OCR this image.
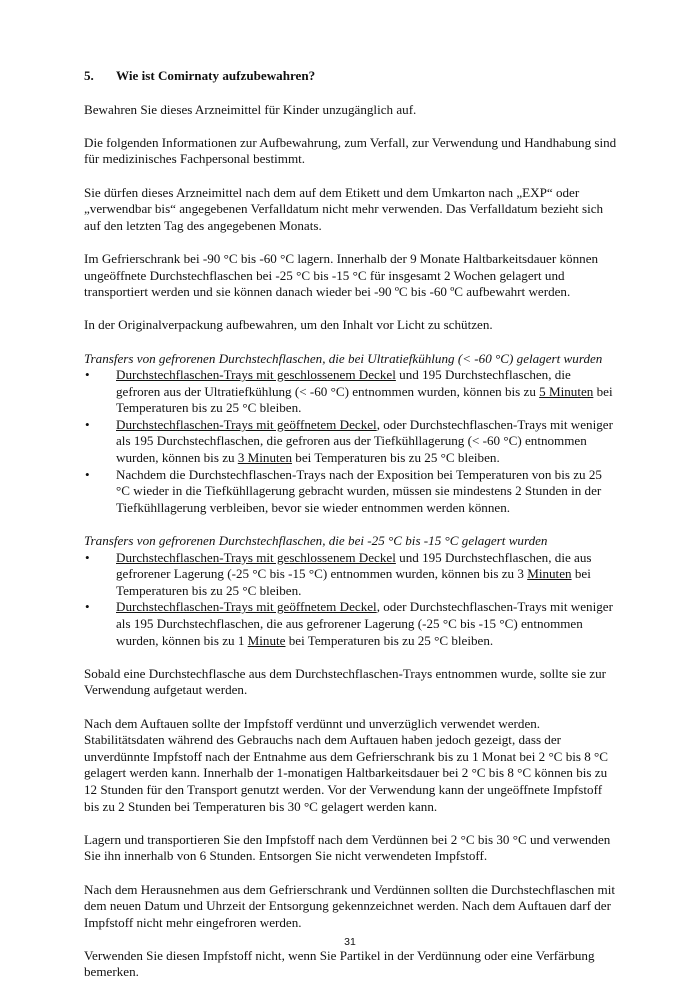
5. Wie ist Comirnaty aufzubewahren?

Bewahren Sie dieses Arzneimittel für Kinder unzugänglich auf.

Die folgenden Informationen zur Aufbewahrung, zum Verfall, zur Verwendung und Handhabung sind für medizinisches Fachpersonal bestimmt.

Sie dürfen dieses Arzneimittel nach dem auf dem Etikett und dem Umkarton nach „EXP“ oder „verwendbar bis“ angegebenen Verfalldatum nicht mehr verwenden. Das Verfalldatum bezieht sich auf den letzten Tag des angegebenen Monats.

Im Gefrierschrank bei -90 °C bis -60 °C lagern. Innerhalb der 9 Monate Haltbarkeitsdauer können ungeöffnete Durchstechflaschen bei -25 °C bis -15 °C für insgesamt 2 Wochen gelagert und transportiert werden und sie können danach wieder bei -90 ºC bis -60 ºC aufbewahrt werden.

In der Originalverpackung aufbewahren, um den Inhalt vor Licht zu schützen.

Transfers von gefrorenen Durchstechflaschen, die bei Ultratiefkühlung (< -60 °C) gelagert wurden

• Durchstechflaschen-Trays mit geschlossenem Deckel und 195 Durchstechflaschen, die gefroren aus der Ultratiefkühlung (< -60 °C) entnommen wurden, können bis zu 5 Minuten bei Temperaturen bis zu 25 °C bleiben.
• Durchstechflaschen-Trays mit geöffnetem Deckel, oder Durchstechflaschen-Trays mit weniger als 195 Durchstechflaschen, die gefroren aus der Tiefkühllagerung (< -60 °C) entnommen wurden, können bis zu 3 Minuten bei Temperaturen bis zu 25 °C bleiben.
• Nachdem die Durchstechflaschen-Trays nach der Exposition bei Temperaturen von bis zu 25 °C wieder in die Tiefkühllagerung gebracht wurden, müssen sie mindestens 2 Stunden in der Tiefkühllagerung verbleiben, bevor sie wieder entnommen werden können.

Transfers von gefrorenen Durchstechflaschen, die bei -25 °C bis -15 °C gelagert wurden

• Durchstechflaschen-Trays mit geschlossenem Deckel und 195 Durchstechflaschen, die aus gefrorener Lagerung (-25 °C bis -15 °C) entnommen wurden, können bis zu 3 Minuten bei Temperaturen bis zu 25 °C bleiben.
• Durchstechflaschen-Trays mit geöffnetem Deckel, oder Durchstechflaschen-Trays mit weniger als 195 Durchstechflaschen, die aus gefrorener Lagerung (-25 °C bis -15 °C) entnommen wurden, können bis zu 1 Minute bei Temperaturen bis zu 25 °C bleiben.

Sobald eine Durchstechflasche aus dem Durchstechflaschen-Trays entnommen wurde, sollte sie zur Verwendung aufgetaut werden.

Nach dem Auftauen sollte der Impfstoff verdünnt und unverzüglich verwendet werden. Stabilitätsdaten während des Gebrauchs nach dem Auftauen haben jedoch gezeigt, dass der unverdünnte Impfstoff nach der Entnahme aus dem Gefrierschrank bis zu 1 Monat bei 2 °C bis 8 °C gelagert werden kann. Innerhalb der 1-monatigen Haltbarkeitsdauer bei 2 °C bis 8 °C können bis zu 12 Stunden für den Transport genutzt werden. Vor der Verwendung kann der ungeöffnete Impfstoff bis zu 2 Stunden bei Temperaturen bis 30 °C gelagert werden kann.

Lagern und transportieren Sie den Impfstoff nach dem Verdünnen bei 2 °C bis 30 °C und verwenden Sie ihn innerhalb von 6 Stunden. Entsorgen Sie nicht verwendeten Impfstoff.

Nach dem Herausnehmen aus dem Gefrierschrank und Verdünnen sollten die Durchstechflaschen mit dem neuen Datum und Uhrzeit der Entsorgung gekennzeichnet werden. Nach dem Auftauen darf der Impfstoff nicht mehr eingefroren werden.

Verwenden Sie diesen Impfstoff nicht, wenn Sie Partikel in der Verdünnung oder eine Verfärbung bemerken.

31
